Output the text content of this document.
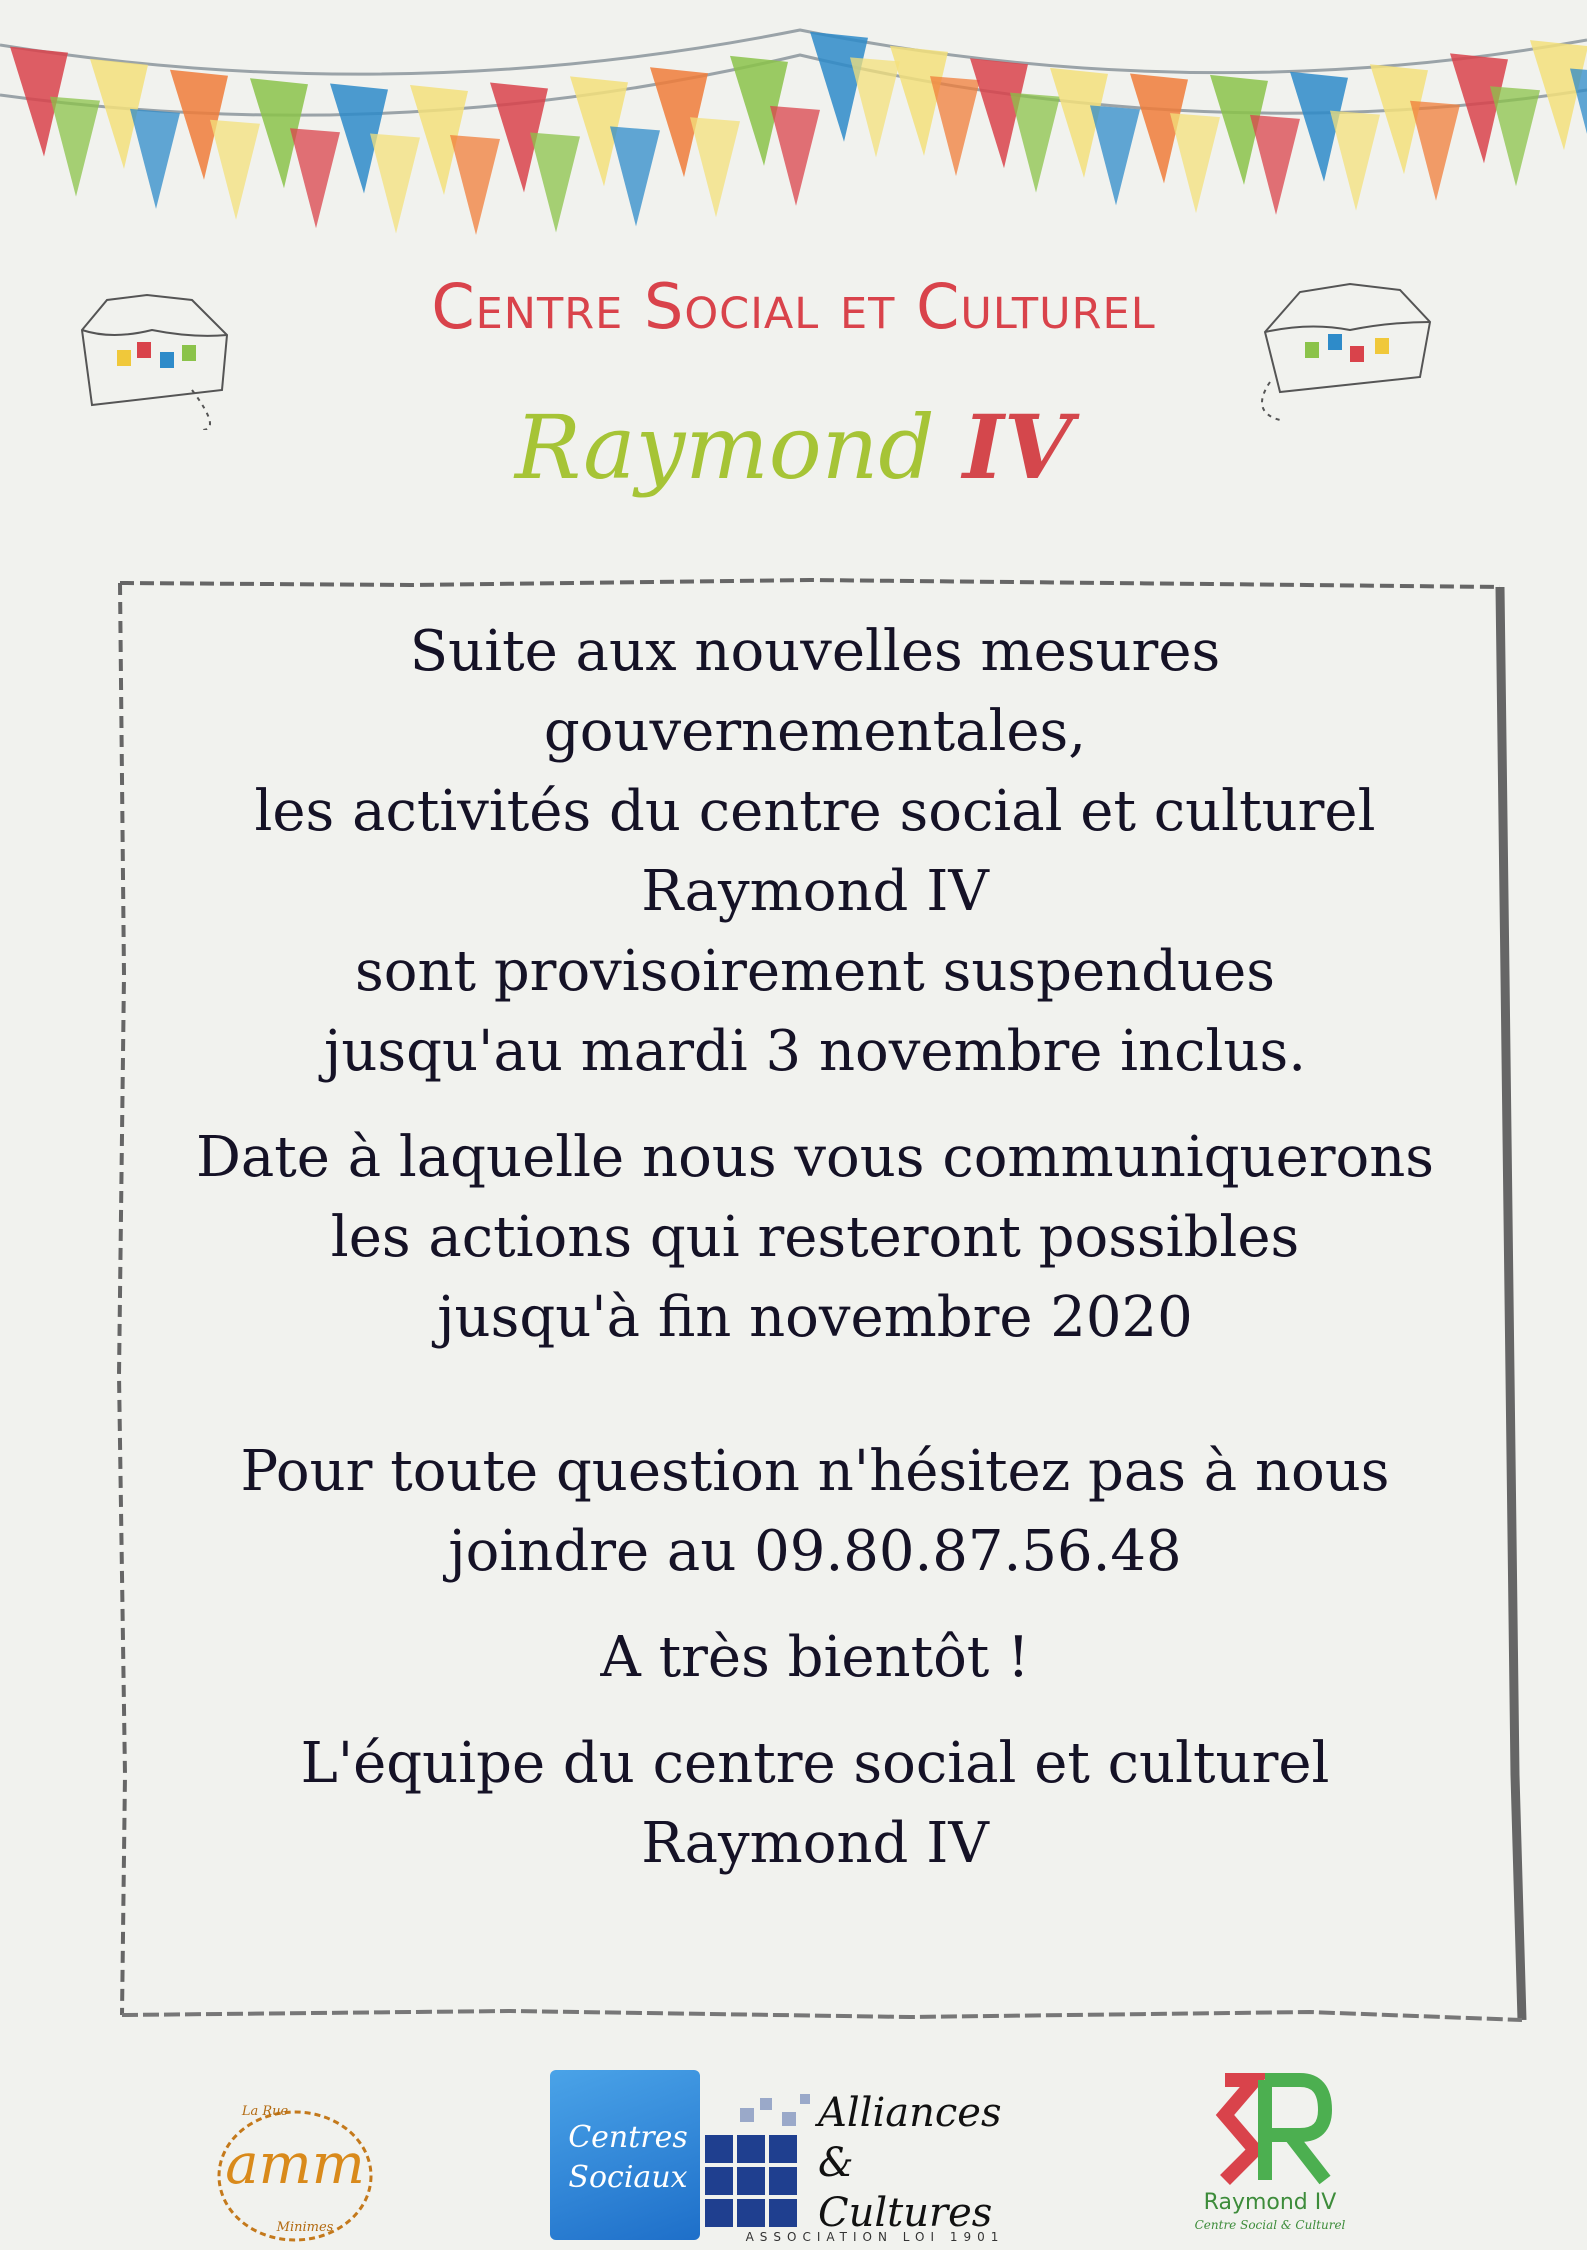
Centre Social et Culturel
Raymond IV

Suite aux nouvelles mesures

gouvernementales,

les activités du centre social et culturel

Raymond IV

sont provisoirement suspendues

jusqu'au mardi 3 novembre inclus.

Date à laquelle nous vous communiquerons

les actions qui resteront possibles

jusqu'à fin novembre 2020

Pour toute question n'hésitez pas à nous

joindre au 09.80.87.56.48

A très bientôt !

L'équipe du centre social et culturel

Raymond IV

La Rue
amm
Minimes
Centres
Sociaux
Alliances &
Cultures
ASSOCIATION LOI 1901
Raymond IV
Centre Social & Culturel
